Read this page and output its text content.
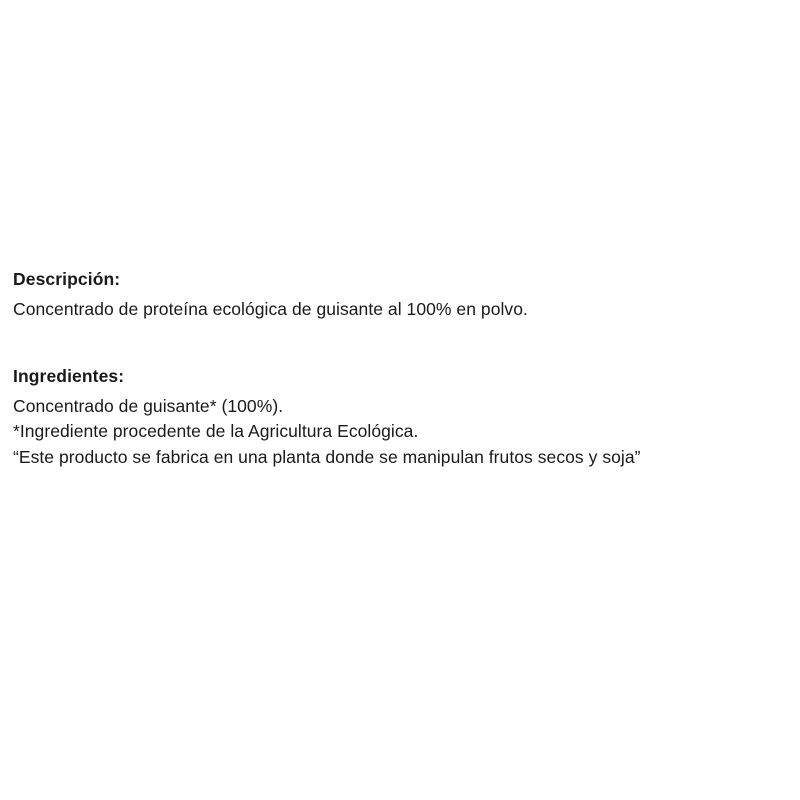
Descripción:

Concentrado de proteína ecológica de guisante al 100% en polvo.

Ingredientes:

Concentrado de guisante* (100%).
*Ingrediente procedente de la Agricultura Ecológica.
“Este producto se fabrica en una planta donde se manipulan frutos secos y soja”
